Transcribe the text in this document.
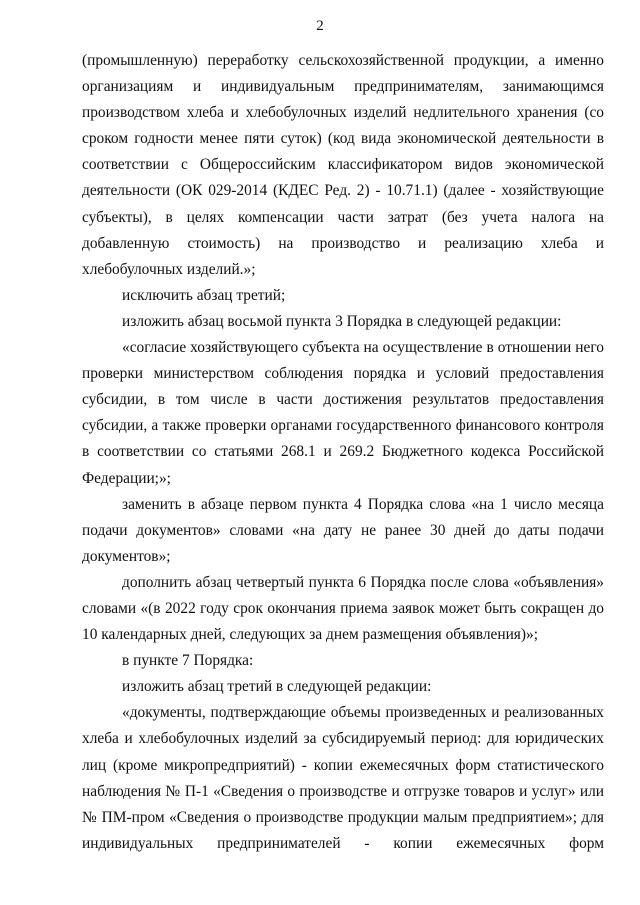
2

(промышленную) переработку сельскохозяйственной продукции, а именно организациям и индивидуальным предпринимателям, занимающимся производством хлеба и хлебобулочных изделий недлительного хранения (со сроком годности менее пяти суток) (код вида экономической деятельности в соответствии с Общероссийским классификатором видов экономической деятельности (ОК 029-2014 (КДЕС Ред. 2) - 10.71.1) (далее - хозяйствующие субъекты), в целях компенсации части затрат (без учета налога на добавленную стоимость) на производство и реализацию хлеба и хлебобулочных изделий.»;

исключить абзац третий;

изложить абзац восьмой пункта 3 Порядка в следующей редакции:

«согласие хозяйствующего субъекта на осуществление в отношении него проверки министерством соблюдения порядка и условий предоставления субсидии, в том числе в части достижения результатов предоставления субсидии, а также проверки органами государственного финансового контроля в соответствии со статьями 268.1 и 269.2 Бюджетного кодекса Российской Федерации;»;

заменить в абзаце первом пункта 4 Порядка слова «на 1 число месяца подачи документов» словами «на дату не ранее 30 дней до даты подачи документов»;

дополнить абзац четвертый пункта 6 Порядка после слова «объявления» словами «(в 2022 году срок окончания приема заявок может быть сокращен до 10 календарных дней, следующих за днем размещения объявления)»;

в пункте 7 Порядка:

изложить абзац третий в следующей редакции:

«документы, подтверждающие объемы произведенных и реализованных хлеба и хлебобулочных изделий за субсидируемый период: для юридических лиц (кроме микропредприятий) - копии ежемесячных форм статистического наблюдения № П-1 «Сведения о производстве и отгрузке товаров и услуг» или № ПМ-пром «Сведения о производстве продукции малым предприятием»; для индивидуальных предпринимателей - копии ежемесячных форм
